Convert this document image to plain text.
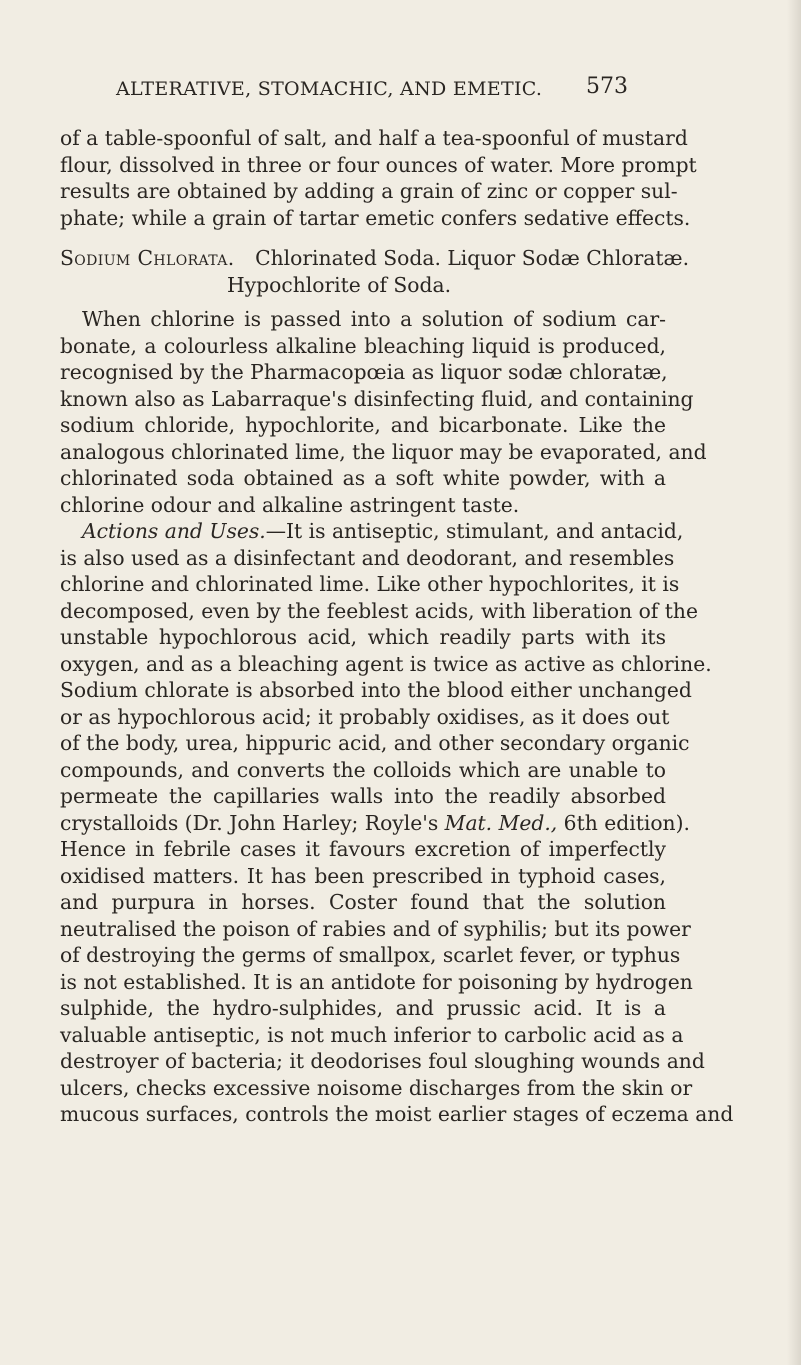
ALTERATIVE, STOMACHIC, AND EMETIC. 573
of a table-spoonful of salt, and half a tea-spoonful of mustard
flour, dissolved in three or four ounces of water. More prompt
results are obtained by adding a grain of zinc or copper sul-
phate; while a grain of tartar emetic confers sedative effects.
Sodium Chlorata. Chlorinated Soda. Liquor Sodæ Chloratæ.
Hypochlorite of Soda.
When chlorine is passed into a solution of sodium car-
bonate, a colourless alkaline bleaching liquid is produced,
recognised by the Pharmacopœia as liquor sodæ chloratæ,
known also as Labarraque's disinfecting fluid, and containing
sodium chloride, hypochlorite, and bicarbonate. Like the
analogous chlorinated lime, the liquor may be evaporated, and
chlorinated soda obtained as a soft white powder, with a
chlorine odour and alkaline astringent taste.
Actions and Uses.—It is antiseptic, stimulant, and antacid,
is also used as a disinfectant and deodorant, and resembles
chlorine and chlorinated lime. Like other hypochlorites, it is
decomposed, even by the feeblest acids, with liberation of the
unstable hypochlorous acid, which readily parts with its
oxygen, and as a bleaching agent is twice as active as chlorine.
Sodium chlorate is absorbed into the blood either unchanged
or as hypochlorous acid; it probably oxidises, as it does out
of the body, urea, hippuric acid, and other secondary organic
compounds, and converts the colloids which are unable to
permeate the capillaries walls into the readily absorbed
crystalloids (Dr. John Harley; Royle's Mat. Med., 6th edition).
Hence in febrile cases it favours excretion of imperfectly
oxidised matters. It has been prescribed in typhoid cases,
and purpura in horses. Coster found that the solution
neutralised the poison of rabies and of syphilis; but its power
of destroying the germs of smallpox, scarlet fever, or typhus
is not established. It is an antidote for poisoning by hydrogen
sulphide, the hydro-sulphides, and prussic acid. It is a
valuable antiseptic, is not much inferior to carbolic acid as a
destroyer of bacteria; it deodorises foul sloughing wounds and
ulcers, checks excessive noisome discharges from the skin or
mucous surfaces, controls the moist earlier stages of eczema and
